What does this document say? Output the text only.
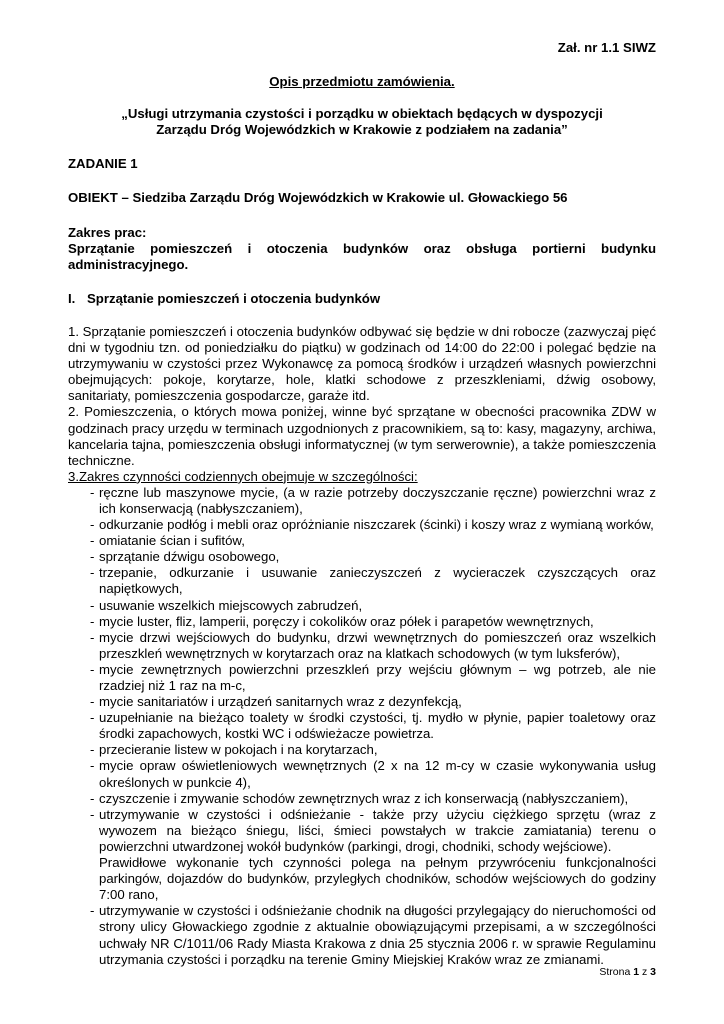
Zał. nr 1.1 SIWZ
Opis przedmiotu zamówienia.
„Usługi utrzymania czystości i porządku w obiektach będących w dyspozycji
Zarządu Dróg Wojewódzkich w Krakowie z podziałem na zadania”
ZADANIE 1
OBIEKT – Siedziba Zarządu Dróg Wojewódzkich w Krakowie ul. Głowackiego 56
Zakres prac:
Sprzątanie pomieszczeń i otoczenia budynków oraz obsługa portierni budynku administracyjnego.
I. Sprzątanie pomieszczeń i otoczenia budynków
1. Sprzątanie pomieszczeń i otoczenia budynków odbywać się będzie w dni robocze (zazwyczaj pięć dni w tygodniu tzn. od poniedziałku do piątku) w godzinach od 14:00 do 22:00 i polegać będzie na utrzymywaniu w czystości przez Wykonawcę za pomocą środków i urządzeń własnych powierzchni obejmujących: pokoje, korytarze, hole, klatki schodowe z przeszkleniami, dźwig osobowy, sanitariaty, pomieszczenia gospodarcze, garaże itd.
2. Pomieszczenia, o których mowa poniżej, winne być sprzątane w obecności pracownika ZDW w godzinach pracy urzędu w terminach uzgodnionych z pracownikiem, są to: kasy, magazyny, archiwa, kancelaria tajna, pomieszczenia obsługi informatycznej (w tym serwerownie), a także pomieszczenia techniczne.
3.Zakres czynności codziennych obejmuje w szczególności:
- ręczne lub maszynowe mycie, (a w razie potrzeby doczyszczanie ręczne) powierzchni wraz z ich konserwacją (nabłyszczaniem),
- odkurzanie podłóg i mebli oraz opróżnianie niszczarek (ścinki) i koszy wraz z wymianą worków,
- omiatanie ścian i sufitów,
- sprzątanie dźwigu osobowego,
- trzepanie, odkurzanie i usuwanie zanieczyszczeń z wycieraczek czyszczących oraz napiętkowych,
- usuwanie wszelkich miejscowych zabrudzeń,
- mycie luster, fliz, lamperii, poręczy i cokolików oraz półek i parapetów wewnętrznych,
- mycie drzwi wejściowych do budynku, drzwi wewnętrznych do pomieszczeń oraz wszelkich przeszkleń wewnętrznych w korytarzach oraz na klatkach schodowych (w tym luksferów),
- mycie zewnętrznych powierzchni przeszkleń przy wejściu głównym – wg potrzeb, ale nie rzadziej niż 1 raz na m-c,
- mycie sanitariatów i urządzeń sanitarnych wraz z dezynfekcją,
- uzupełnianie na bieżąco toalety w środki czystości, tj. mydło w płynie, papier toaletowy oraz środki zapachowych, kostki WC i odświeżacze powietrza.
- przecieranie listew w pokojach i na korytarzach,
- mycie opraw oświetleniowych wewnętrznych (2 x na 12 m-cy w czasie wykonywania usług określonych w punkcie 4),
- czyszczenie i zmywanie schodów zewnętrznych wraz z ich konserwacją (nabłyszczaniem),
- utrzymywanie w czystości i odśnieżanie - także przy użyciu ciężkiego sprzętu (wraz z wywozem na bieżąco śniegu, liści, śmieci powstałych w trakcie zamiatania) terenu o powierzchni utwardzonej wokół budynków (parkingi, drogi, chodniki, schody wejściowe).
Prawidłowe wykonanie tych czynności polega na pełnym przywróceniu funkcjonalności parkingów, dojazdów do budynków, przyległych chodników, schodów wejściowych do godziny 7:00 rano,
- utrzymywanie w czystości i odśnieżanie chodnik na długości przylegający do nieruchomości od strony ulicy Głowackiego zgodnie z aktualnie obowiązującymi przepisami, a w szczególności uchwały NR C/1011/06 Rady Miasta Krakowa z dnia 25 stycznia 2006 r. w sprawie Regulaminu utrzymania czystości i porządku na terenie Gminy Miejskiej Kraków wraz ze zmianami.
Strona 1 z 3
